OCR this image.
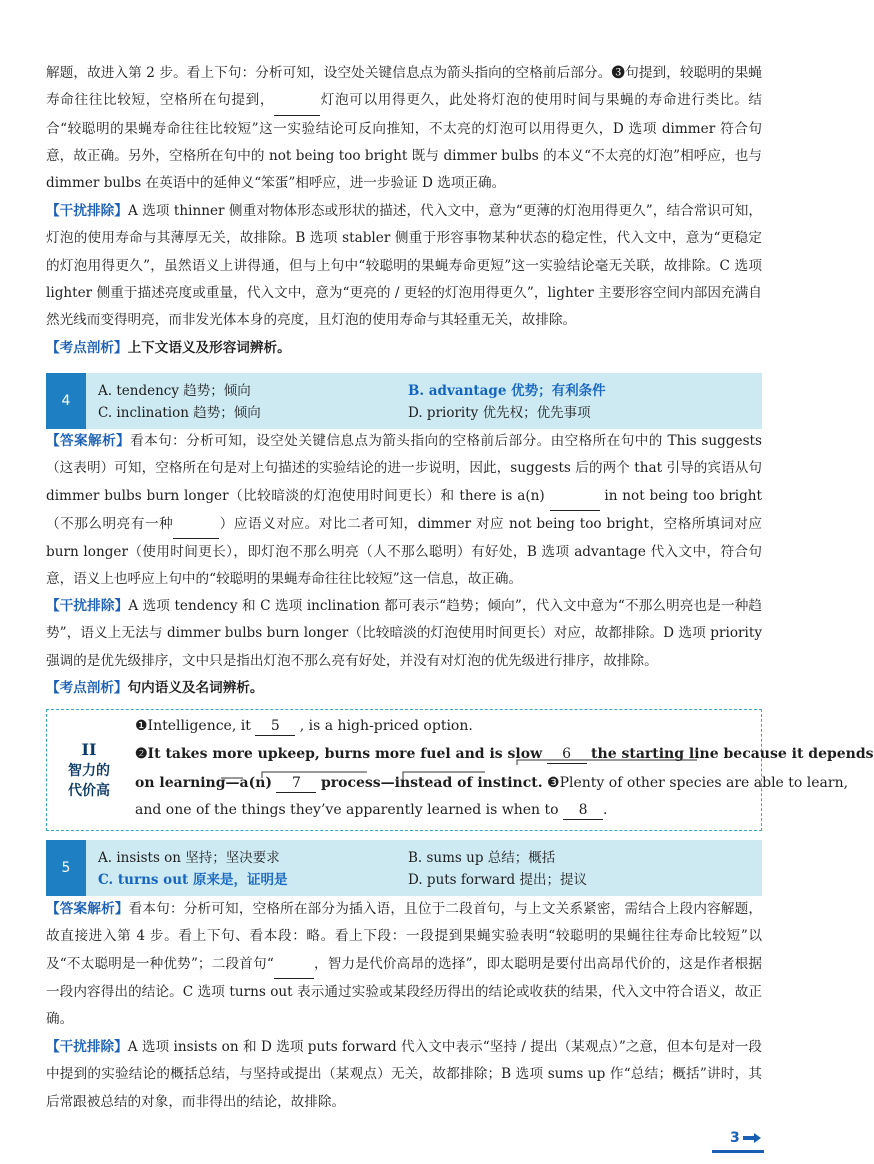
解题，故进入第 2 步。看上下句：分析可知，设空处关键信息点为箭头指向的空格前后部分。❸句提到，较聪明的果蝇寿命往往比较短，空格所在句提到，	灯泡可以用得更久，此处将灯泡的使用时间与果蝇的寿命进行类比。结合“较聪明的果蝇寿命往往比较短”这一实验结论可反向推知，不太亮的灯泡可以用得更久，D 选项 dimmer 符合句意，故正确。另外，空格所在句中的 not being too bright 既与 dimmer bulbs 的本义“不太亮的灯泡”相呼应，也与 dimmer bulbs 在英语中的延伸义“笨蛋”相呼应，进一步验证 D 选项正确。

【干扰排除】A 选项 thinner 侧重对物体形态或形状的描述，代入文中，意为“更薄的灯泡用得更久”，结合常识可知，灯泡的使用寿命与其薄厚无关，故排除。B 选项 stabler 侧重于形容事物某种状态的稳定性，代入文中，意为“更稳定的灯泡用得更久”，虽然语义上讲得通，但与上句中“较聪明的果蝇寿命更短”这一实验结论毫无关联，故排除。C 选项 lighter 侧重于描述亮度或重量，代入文中，意为“更亮的 / 更轻的灯泡用得更久”，lighter 主要形容空间内部因充满自然光线而变得明亮，而非发光体本身的亮度，且灯泡的使用寿命与其轻重无关，故排除。

【考点剖析】上下文语义及形容词辨析。

4
A. tendency 趋势；倾向	B. advantage 优势；有利条件
C. inclination 趋势；倾向	D. priority 优先权；优先事项

【答案解析】看本句：分析可知，设空处关键信息点为箭头指向的空格前后部分。由空格所在句中的 This suggests（这表明）可知，空格所在句是对上句描述的实验结论的进一步说明，因此，suggests 后的两个 that 引导的宾语从句 dimmer bulbs burn longer（比较暗淡的灯泡使用时间更长）和 there is a(n)	in not being too bright（不那么明亮有一种	）应语义对应。对比二者可知，dimmer 对应 not being too bright，空格所填词对应 burn longer（使用时间更长），即灯泡不那么明亮（人不那么聪明）有好处，B 选项 advantage 代入文中，符合句意，语义上也呼应上句中的“较聪明的果蝇寿命往往比较短”这一信息，故正确。

【干扰排除】A 选项 tendency 和 C 选项 inclination 都可表示“趋势；倾向”，代入文中意为“不那么明亮也是一种趋势”，语义上无法与 dimmer bulbs burn longer（比较暗淡的灯泡使用时间更长）对应，故都排除。D 选项 priority 强调的是优先级排序，文中只是指出灯泡不那么亮有好处，并没有对灯泡的优先级进行排序，故排除。

【考点剖析】句内语义及名词辨析。

II
智力的
代价高
❶Intelligence, it 5 , is a high-priced option.
❷It takes more upkeep, burns more fuel and is slow 6 the starting line because it depends
on learning—a(n) 7 process—instead of instinct. ❸Plenty of other species are able to learn,
and one of the things they’ve apparently learned is when to 8 .
5
A. insists on 坚持；坚决要求	B. sums up 总结；概括
C. turns out 原来是，证明是	D. puts forward 提出；提议

【答案解析】看本句：分析可知，空格所在部分为插入语，且位于二段首句，与上文关系紧密，需结合上段内容解题，故直接进入第 4 步。看上下句、看本段：略。看上下段：一段提到果蝇实验表明“较聪明的果蝇往往寿命比较短”以及“不太聪明是一种优势”；二段首句“	，智力是代价高昂的选择”，即太聪明是要付出高昂代价的，这是作者根据一段内容得出的结论。C 选项 turns out 表示通过实验或某段经历得出的结论或收获的结果，代入文中符合语义，故正确。

【干扰排除】A 选项 insists on 和 D 选项 puts forward 代入文中表示“坚持 / 提出（某观点）”之意，但本句是对一段中提到的实验结论的概括总结，与坚持或提出（某观点）无关，故都排除；B 选项 sums up 作“总结；概括”讲时，其后常跟被总结的对象，而非得出的结论，故排除。

3
